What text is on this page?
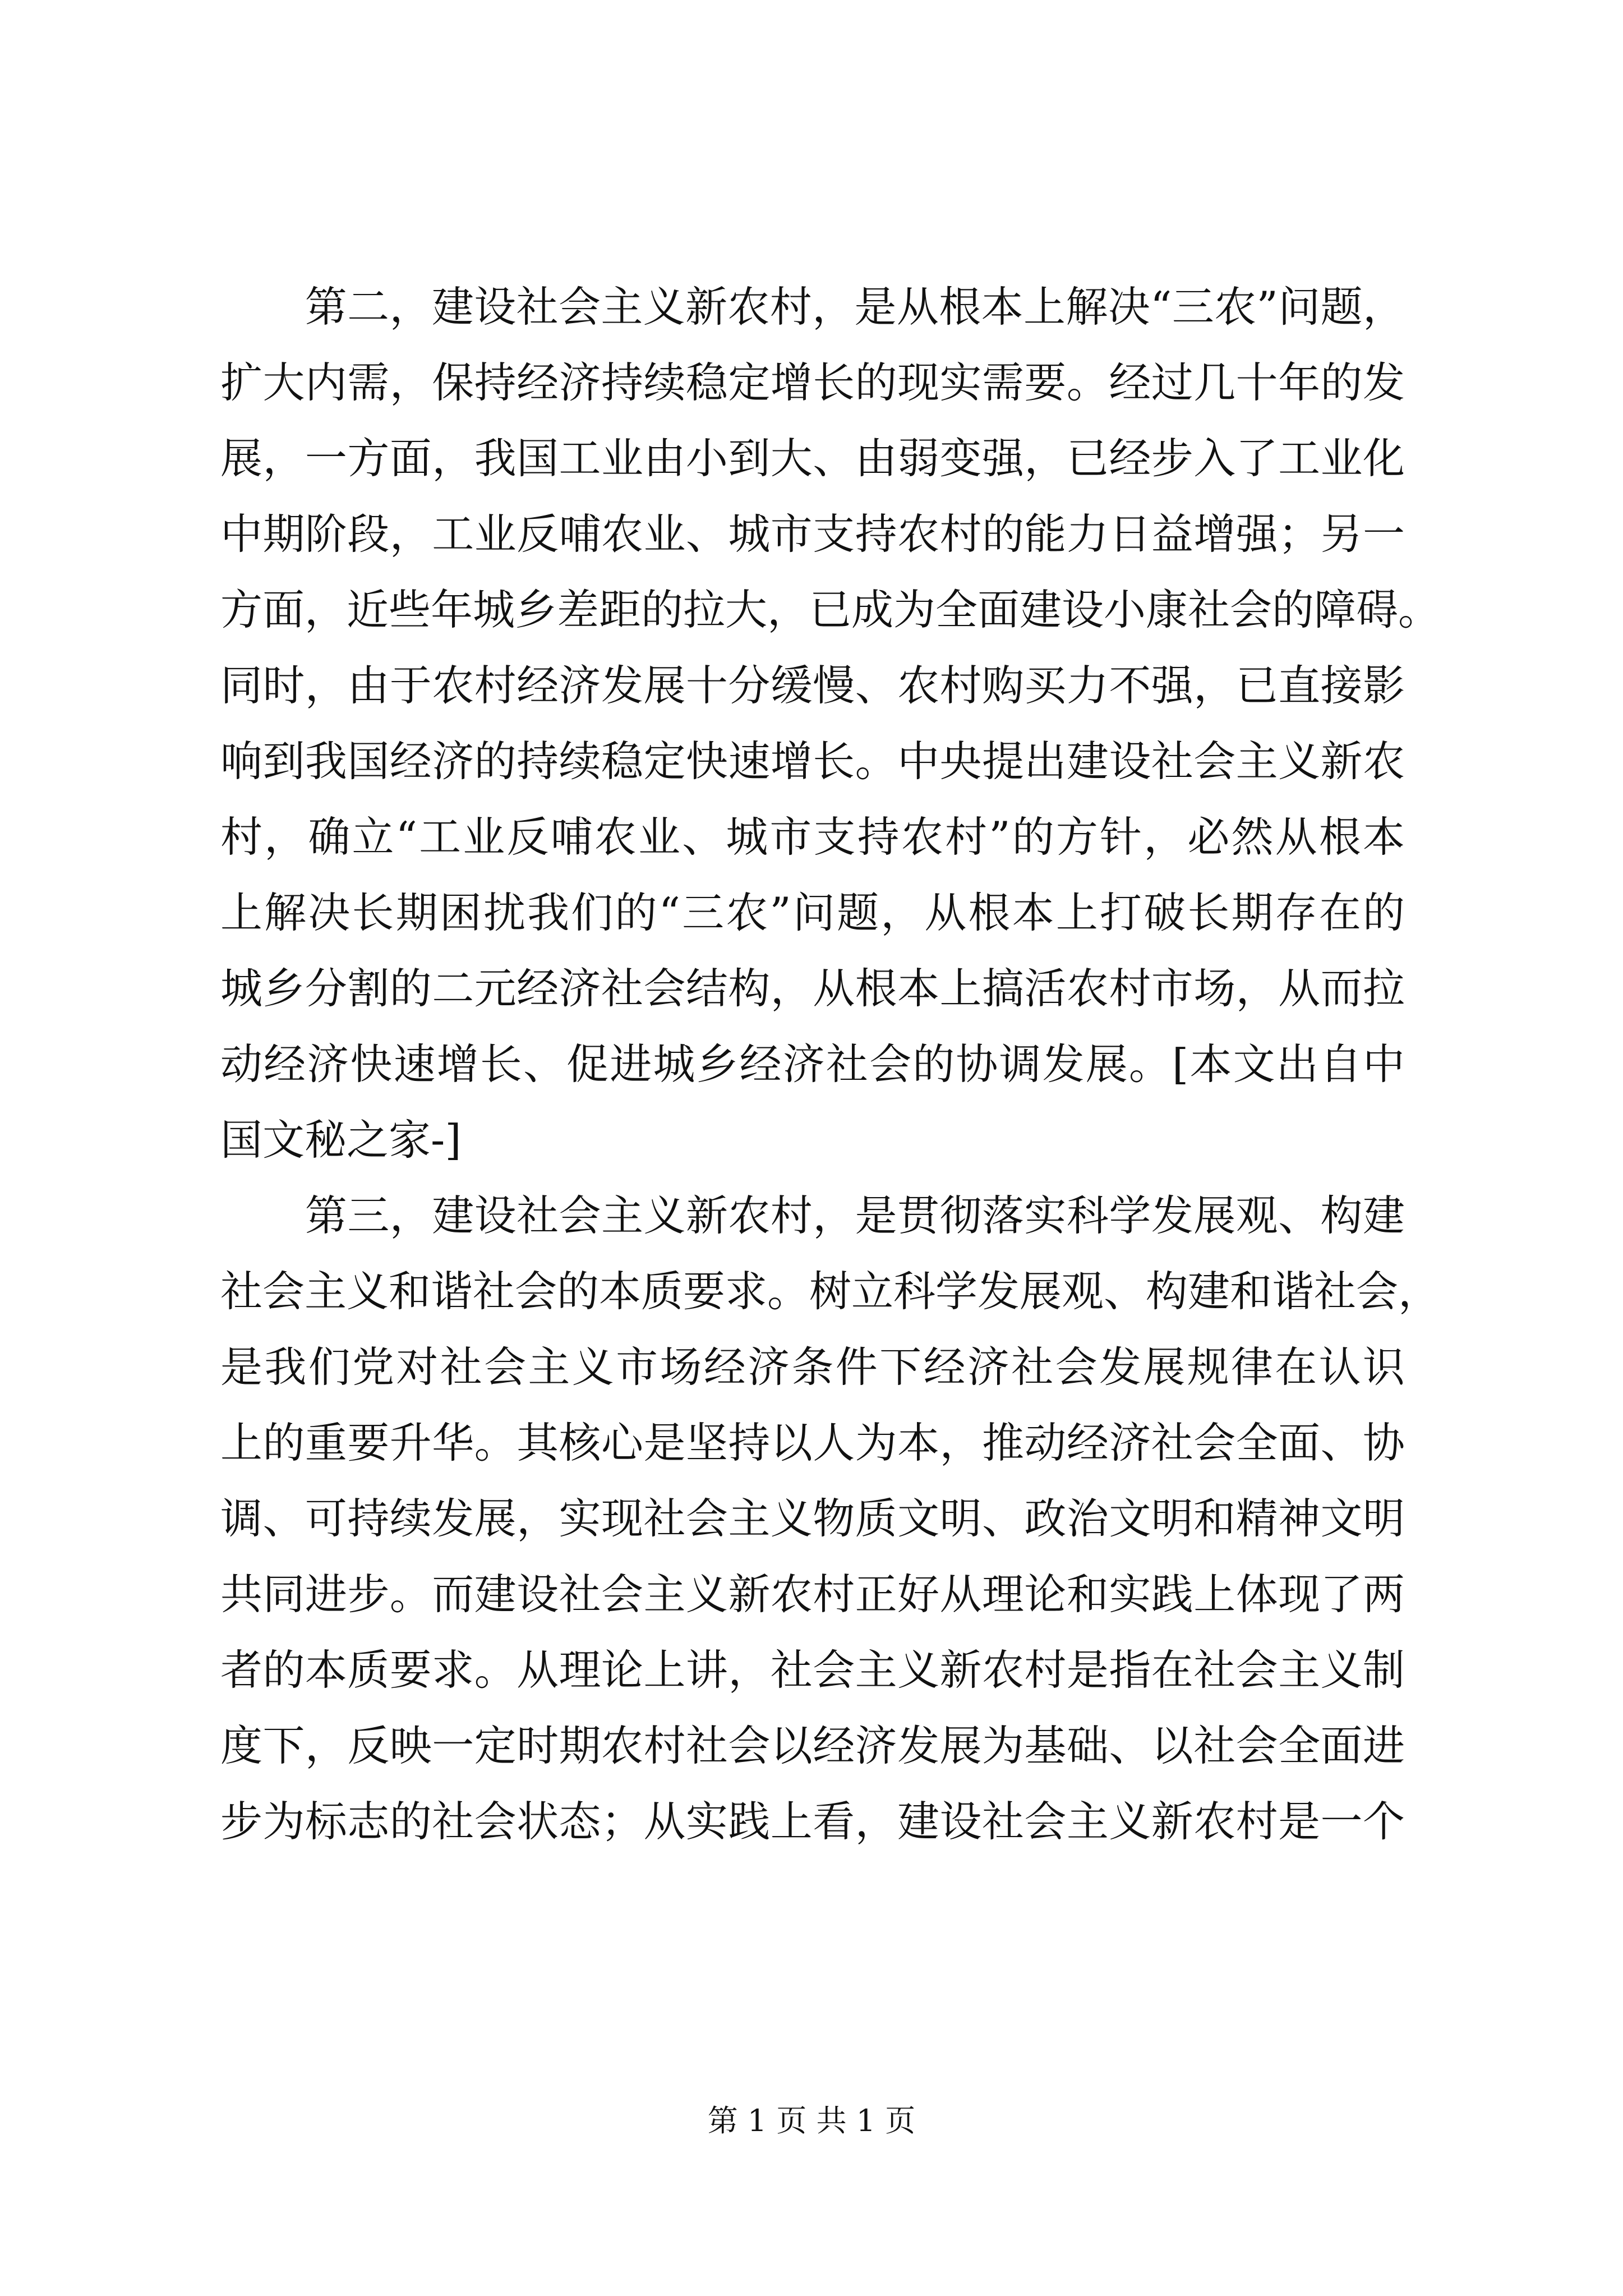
　　第二，建设社会主义新农村，是从根本上解决“三农”问题，
扩大内需，保持经济持续稳定增长的现实需要。经过几十年的发
展，一方面，我国工业由小到大、由弱变强，已经步入了工业化
中期阶段，工业反哺农业、城市支持农村的能力日益增强；另一
方面，近些年城乡差距的拉大，已成为全面建设小康社会的障碍。
同时，由于农村经济发展十分缓慢、农村购买力不强，已直接影
响到我国经济的持续稳定快速增长。中央提出建设社会主义新农
村，确立“工业反哺农业、城市支持农村”的方针，必然从根本
上解决长期困扰我们的“三农”问题，从根本上打破长期存在的
城乡分割的二元经济社会结构，从根本上搞活农村市场，从而拉
动经济快速增长、促进城乡经济社会的协调发展。[本文出自中
国文秘之家-]
　　第三，建设社会主义新农村，是贯彻落实科学发展观、构建
社会主义和谐社会的本质要求。树立科学发展观、构建和谐社会，
是我们党对社会主义市场经济条件下经济社会发展规律在认识
上的重要升华。其核心是坚持以人为本，推动经济社会全面、协
调、可持续发展，实现社会主义物质文明、政治文明和精神文明
共同进步。而建设社会主义新农村正好从理论和实践上体现了两
者的本质要求。从理论上讲，社会主义新农村是指在社会主义制
度下，反映一定时期农村社会以经济发展为基础、以社会全面进
步为标志的社会状态；从实践上看，建设社会主义新农村是一个
第 1 页 共 1 页
